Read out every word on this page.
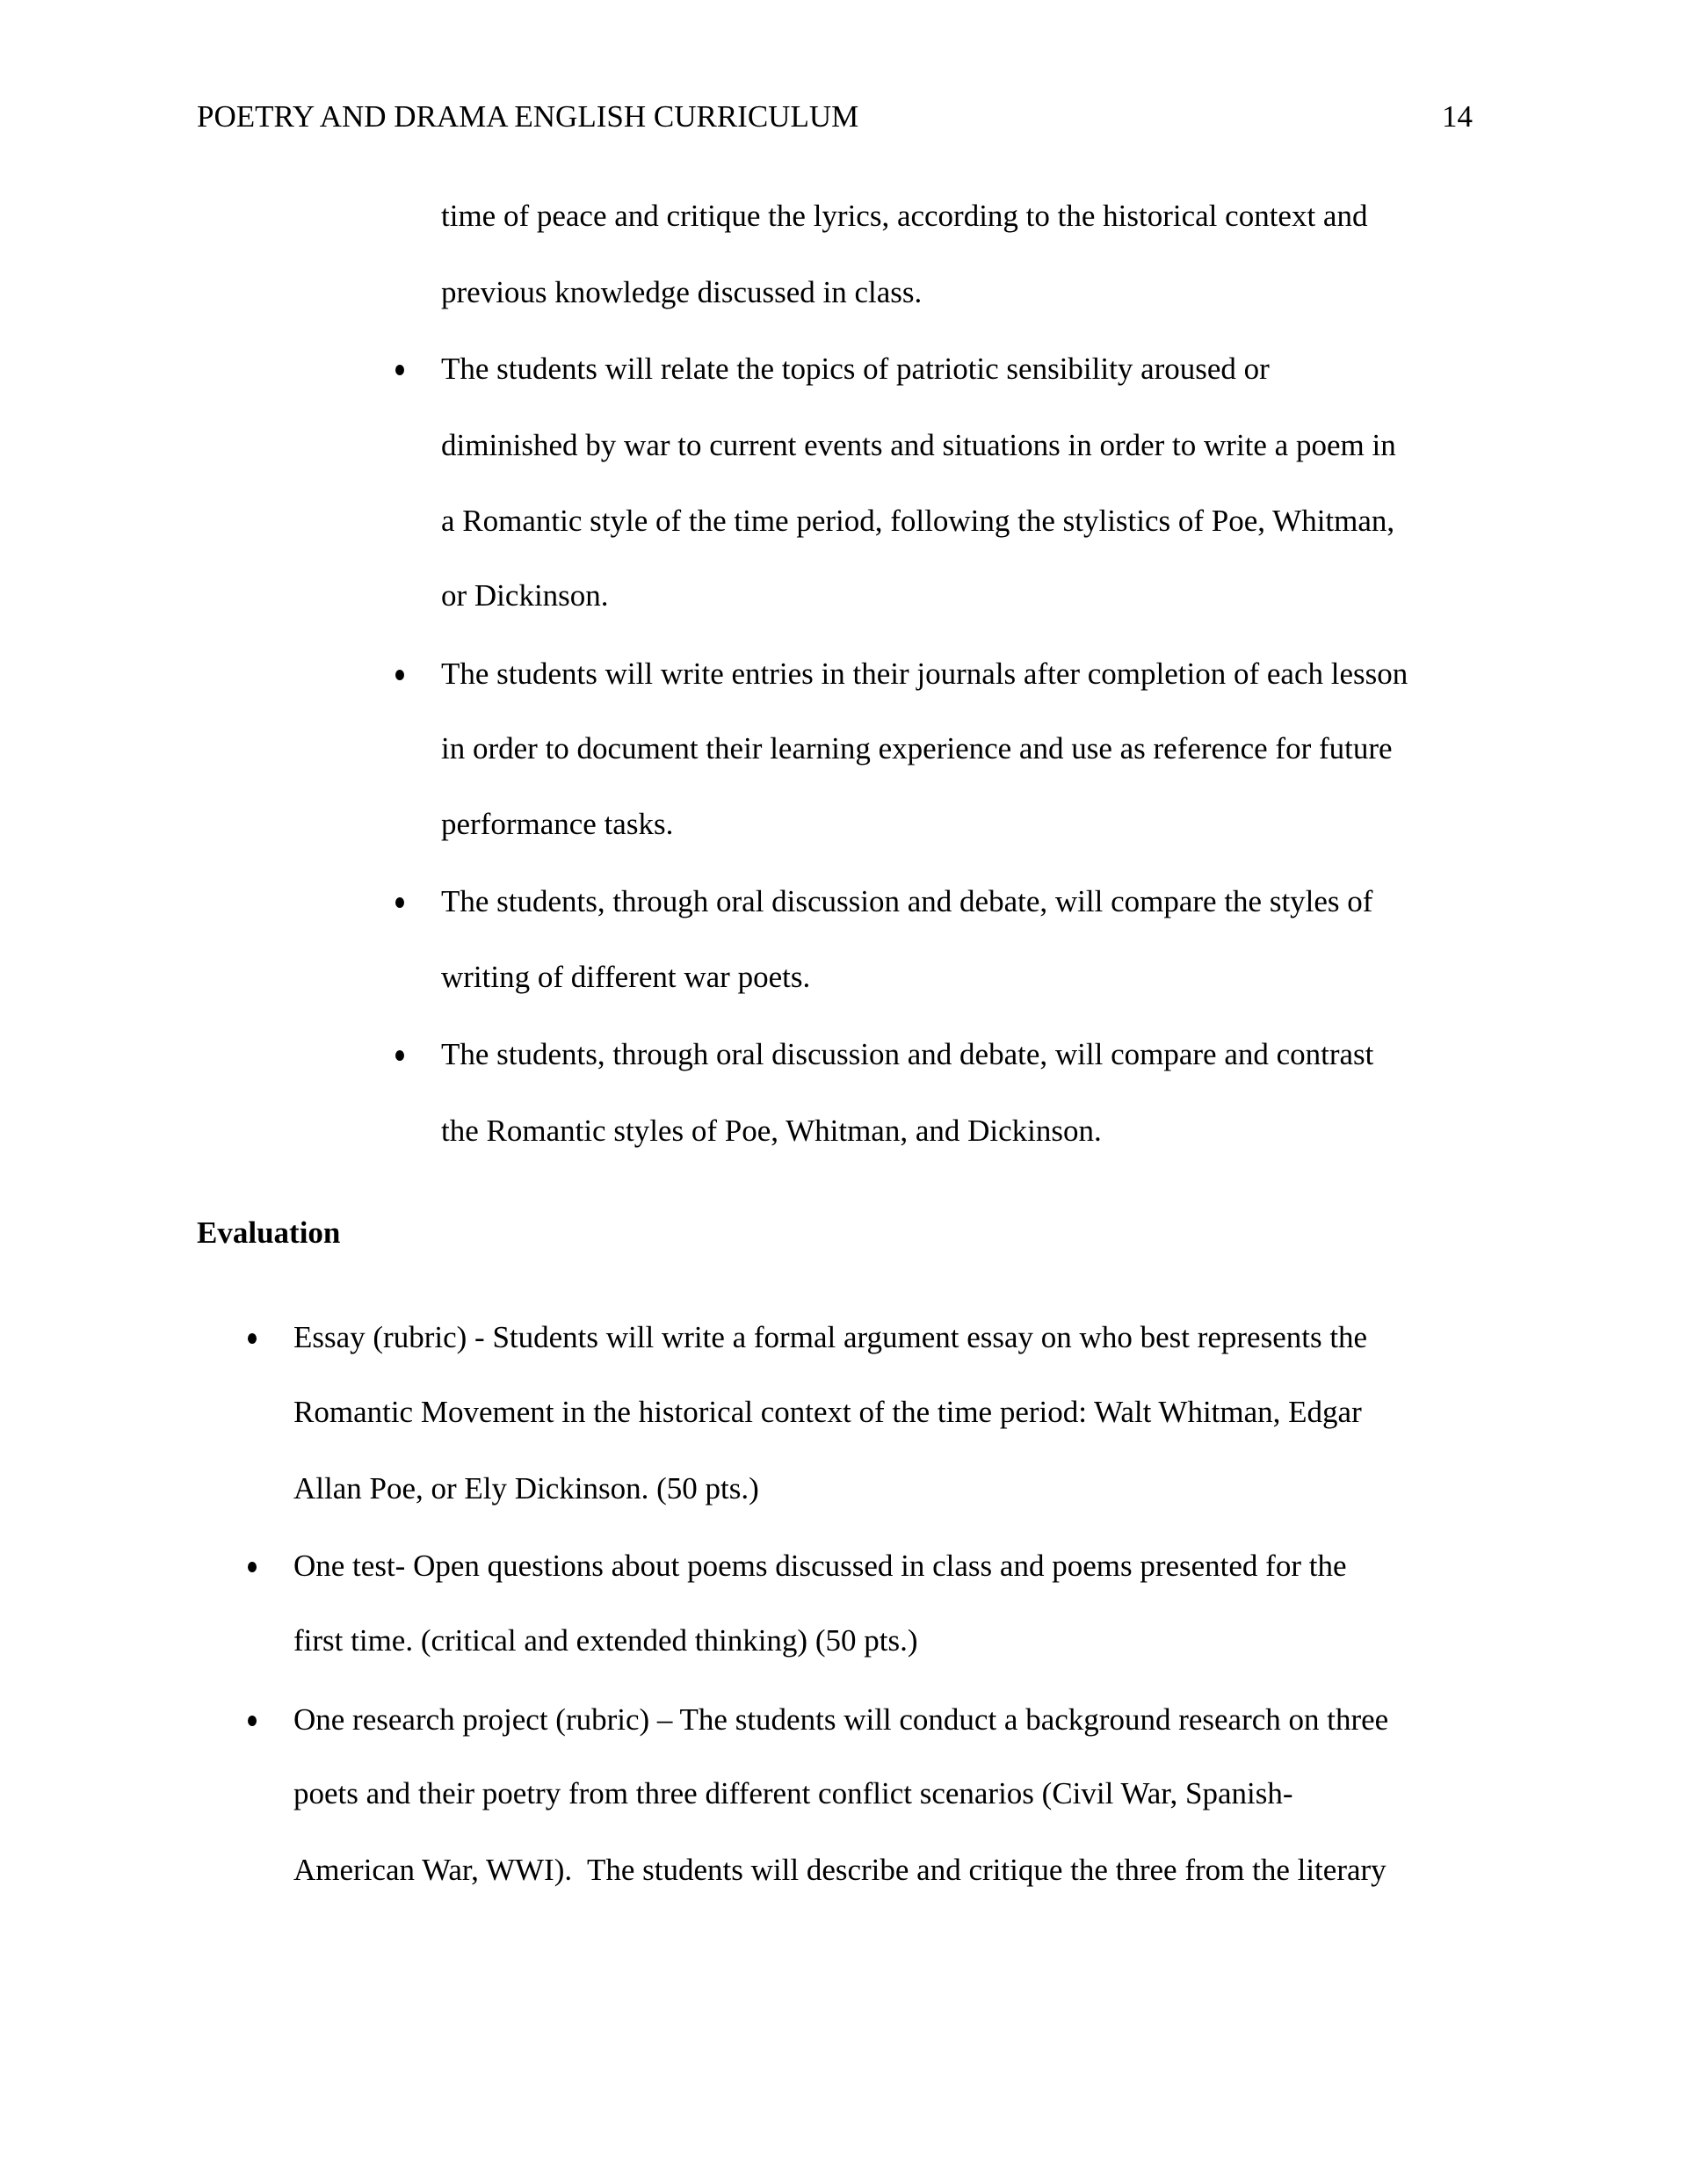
POETRY AND DRAMA ENGLISH CURRICULUM	14
time of peace and critique the lyrics, according to the historical context and
previous knowledge discussed in class.
The students will relate the topics of patriotic sensibility aroused or
diminished by war to current events and situations in order to write a poem in
a Romantic style of the time period, following the stylistics of Poe, Whitman,
or Dickinson.
The students will write entries in their journals after completion of each lesson
in order to document their learning experience and use as reference for future
performance tasks.
The students, through oral discussion and debate, will compare the styles of
writing of different war poets.
The students, through oral discussion and debate, will compare and contrast
the Romantic styles of Poe, Whitman, and Dickinson.
Evaluation
Essay (rubric) - Students will write a formal argument essay on who best represents the
Romantic Movement in the historical context of the time period: Walt Whitman, Edgar
Allan Poe, or Ely Dickinson. (50 pts.)
One test- Open questions about poems discussed in class and poems presented for the
first time. (critical and extended thinking) (50 pts.)
One research project (rubric) – The students will conduct a background research on three
poets and their poetry from three different conflict scenarios (Civil War, Spanish-
American War, WWI).  The students will describe and critique the three from the literary
